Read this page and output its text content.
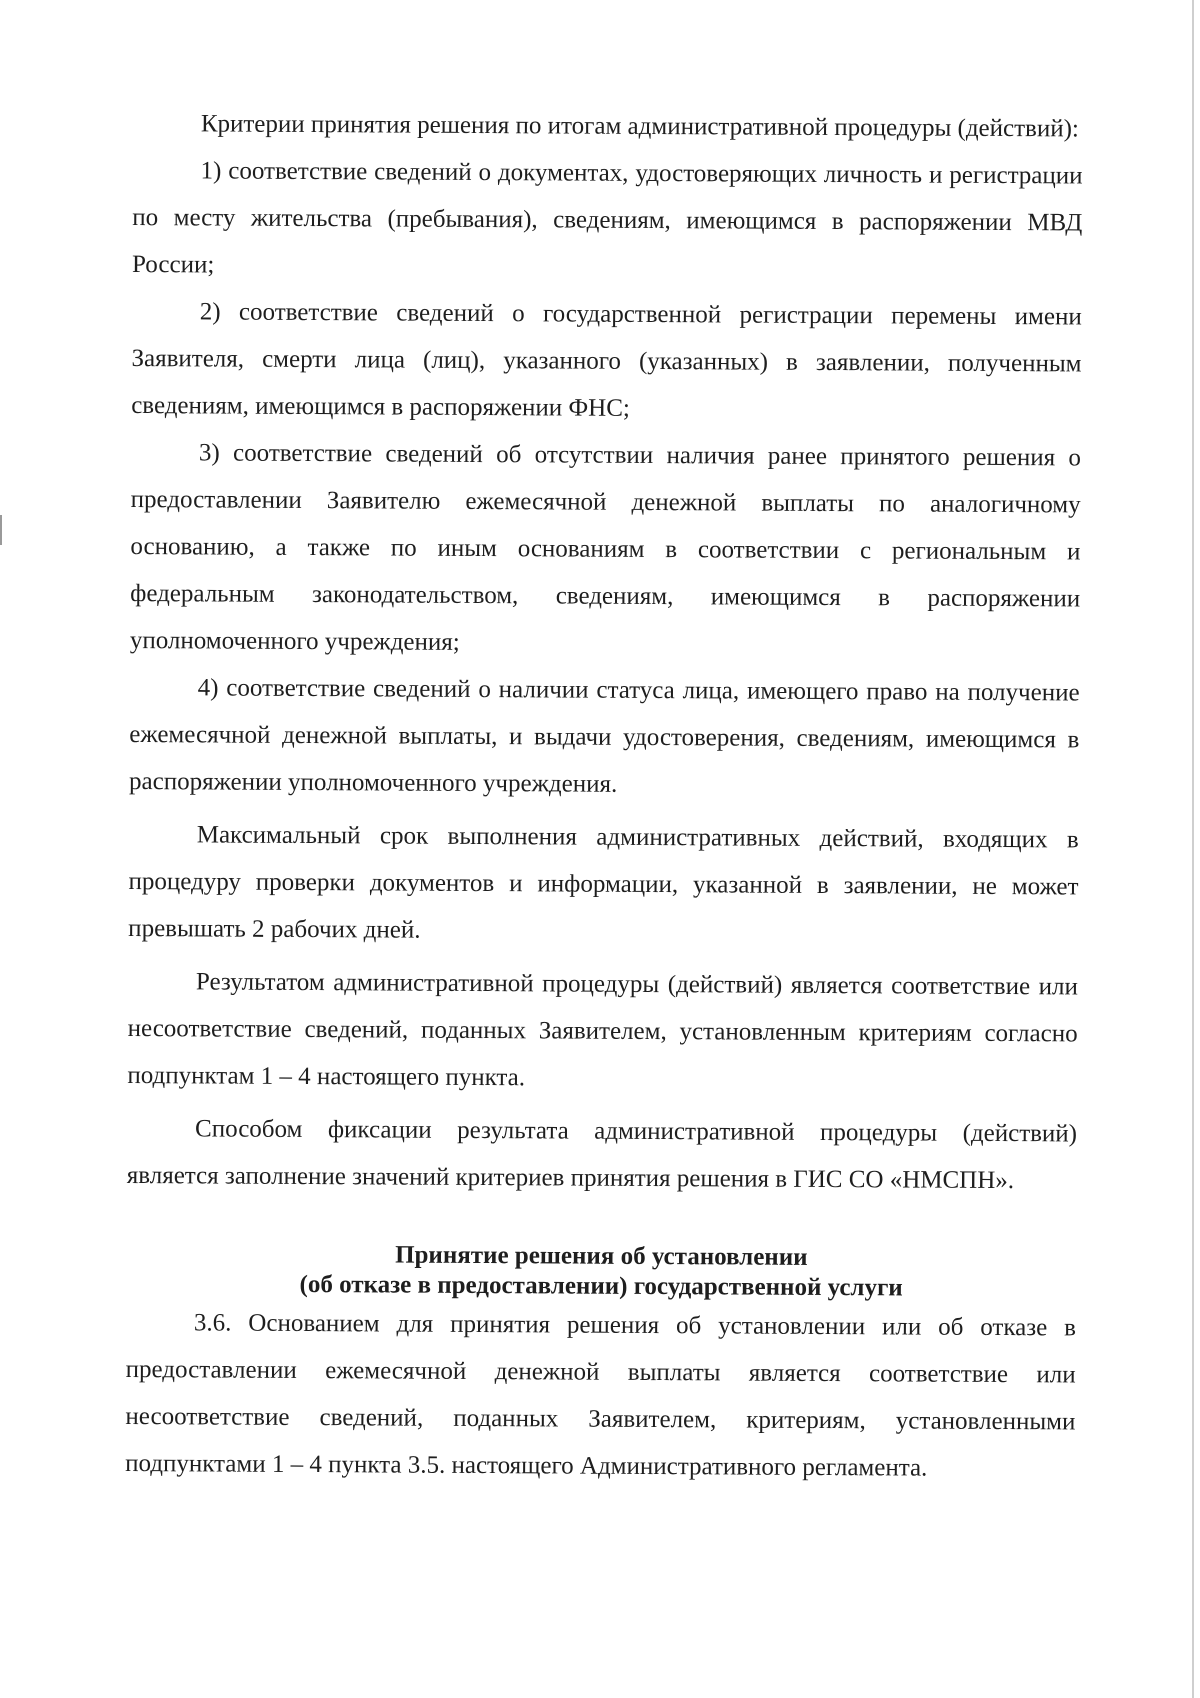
Критерии принятия решения по итогам административной процедуры (действий):

1) соответствие сведений о документах, удостоверяющих личность и регистрации по месту жительства (пребывания), сведениям, имеющимся в распоряжении МВД России;

2) соответствие сведений о государственной регистрации перемены имени Заявителя, смерти лица (лиц), указанного (указанных) в заявлении, полученным сведениям, имеющимся в распоряжении ФНС;

3) соответствие сведений об отсутствии наличия ранее принятого решения о предоставлении Заявителю ежемесячной денежной выплаты по аналогичному основанию, а также по иным основаниям в соответствии с региональным и федеральным законодательством, сведениям, имеющимся в распоряжении уполномоченного учреждения;

4) соответствие сведений о наличии статуса лица, имеющего право на получение ежемесячной денежной выплаты, и выдачи удостоверения, сведениям, имеющимся в распоряжении уполномоченного учреждения.

Максимальный срок выполнения административных действий, входящих в процедуру проверки документов и информации, указанной в заявлении, не может превышать 2 рабочих дней.

Результатом административной процедуры (действий) является соответствие или несоответствие сведений, поданных Заявителем, установленным критериям согласно подпунктам 1 – 4 настоящего пункта.

Способом фиксации результата административной процедуры (действий) является заполнение значений критериев принятия решения в ГИС СО «НМСПН».

Принятие решения об установлении
(об отказе в предоставлении) государственной услуги

3.6. Основанием для принятия решения об установлении или об отказе в предоставлении ежемесячной денежной выплаты является соответствие или несоответствие сведений, поданных Заявителем, критериям, установленными подпунктами 1 – 4 пункта 3.5. настоящего Административного регламента.
